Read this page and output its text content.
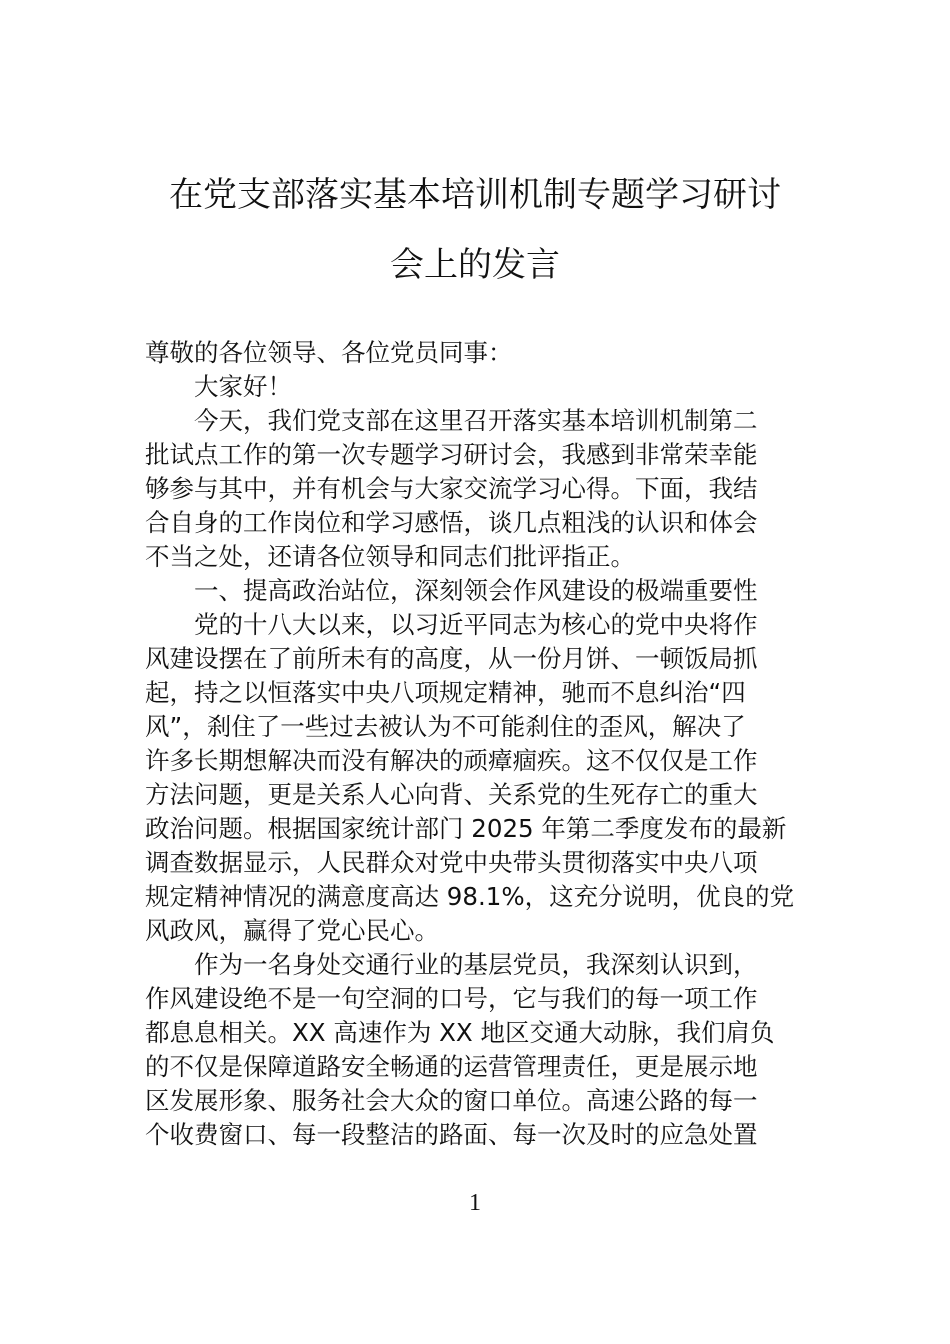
在党支部落实基本培训机制专题学习研讨
会上的发言
尊敬的各位领导、各位党员同事：
大家好！
今天，我们党支部在这里召开落实基本培训机制第二
批试点工作的第一次专题学习研讨会，我感到非常荣幸能
够参与其中，并有机会与大家交流学习心得。下面，我结
合自身的工作岗位和学习感悟，谈几点粗浅的认识和体会
不当之处，还请各位领导和同志们批评指正。
一、提高政治站位，深刻领会作风建设的极端重要性
党的十八大以来，以习近平同志为核心的党中央将作
风建设摆在了前所未有的高度，从一份月饼、一顿饭局抓
起，持之以恒落实中央八项规定精神，驰而不息纠治“四
风”，刹住了一些过去被认为不可能刹住的歪风，解决了
许多长期想解决而没有解决的顽瘴痼疾。这不仅仅是工作
方法问题，更是关系人心向背、关系党的生死存亡的重大
政治问题。根据国家统计部门 2025 年第二季度发布的最新
调查数据显示，人民群众对党中央带头贯彻落实中央八项
规定精神情况的满意度高达 98.1%，这充分说明，优良的党
风政风，赢得了党心民心。
作为一名身处交通行业的基层党员，我深刻认识到，
作风建设绝不是一句空洞的口号，它与我们的每一项工作
都息息相关。XX 高速作为 XX 地区交通大动脉，我们肩负
的不仅是保障道路安全畅通的运营管理责任，更是展示地
区发展形象、服务社会大众的窗口单位。高速公路的每一
个收费窗口、每一段整洁的路面、每一次及时的应急处置
1
